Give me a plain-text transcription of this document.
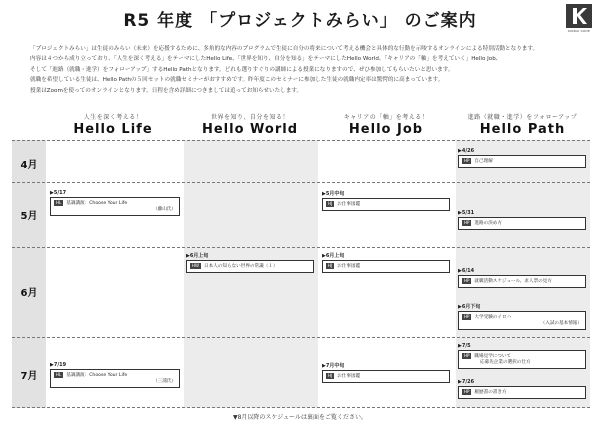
R5 年度 「プロジェクトみらい」 のご案内	KINDAI SODE
「プロジェクトみらい」は生徒のみらい（未来）を応援するために、多角的な内容のプログラムで生徒に自分の将来について考える機会と具体的な行動を示唆するオンラインによる特別活動となります。
内容は４つから成り立っており、「人生を深く考える」をテーマにしたHello Life、「世界を知り、自分を知る」をテーマにしたHello World、「キャリアの「軸」を考えていく」Hello Job、
そして「進路（就職・進学）をフォローアップ」するHello Pathとなります。どれも選りすぐりの講師による授業になりますので、ぜひ参加してもらいたいと思います。
就職を希望している生徒は、Hello Pathの５回セットの就職セミナーがおすすめです。昨年度このセミナーに参加した生徒の就職内定率は驚愕的に高まっています。
授業はZoomを使ってのオンラインとなります。日程を含め詳細につきましては追ってお知らせいたします。
人生を深く考える！
Hello Life
世界を知り、自分を知る！
Hello World
キャリアの「軸」を考える！
Hello Job
進路（就職・進学）をフォローアップ
Hello Path
4月
5月
6月
7月
▶5/17
HL 基調講演：Choose Your Life
（藤山氏）
▶7/19
HL 基調講演：Choose Your Life
（三浦氏）
▶6月上旬
HW 日本人の知らない世界の常識（１）
▶5月中旬
HJ お仕事図鑑
▶6月上旬
HJ お仕事図鑑
▶7月中旬
HJ お仕事図鑑
▶4/26
HP 自己理解
▶5/31
HP 進路の決め方
▶6/14
HP 就職活動スケジュール、求人票の見方
▶6月下旬
HP 大学受験のイロハ
（入試の基本情報）
▶7/5
HP 職場見学について
応募先企業の選択の仕方
▶7/26
HP 履歴書の書き方
▼8月以降のスケジュールは裏面をご覧ください。
